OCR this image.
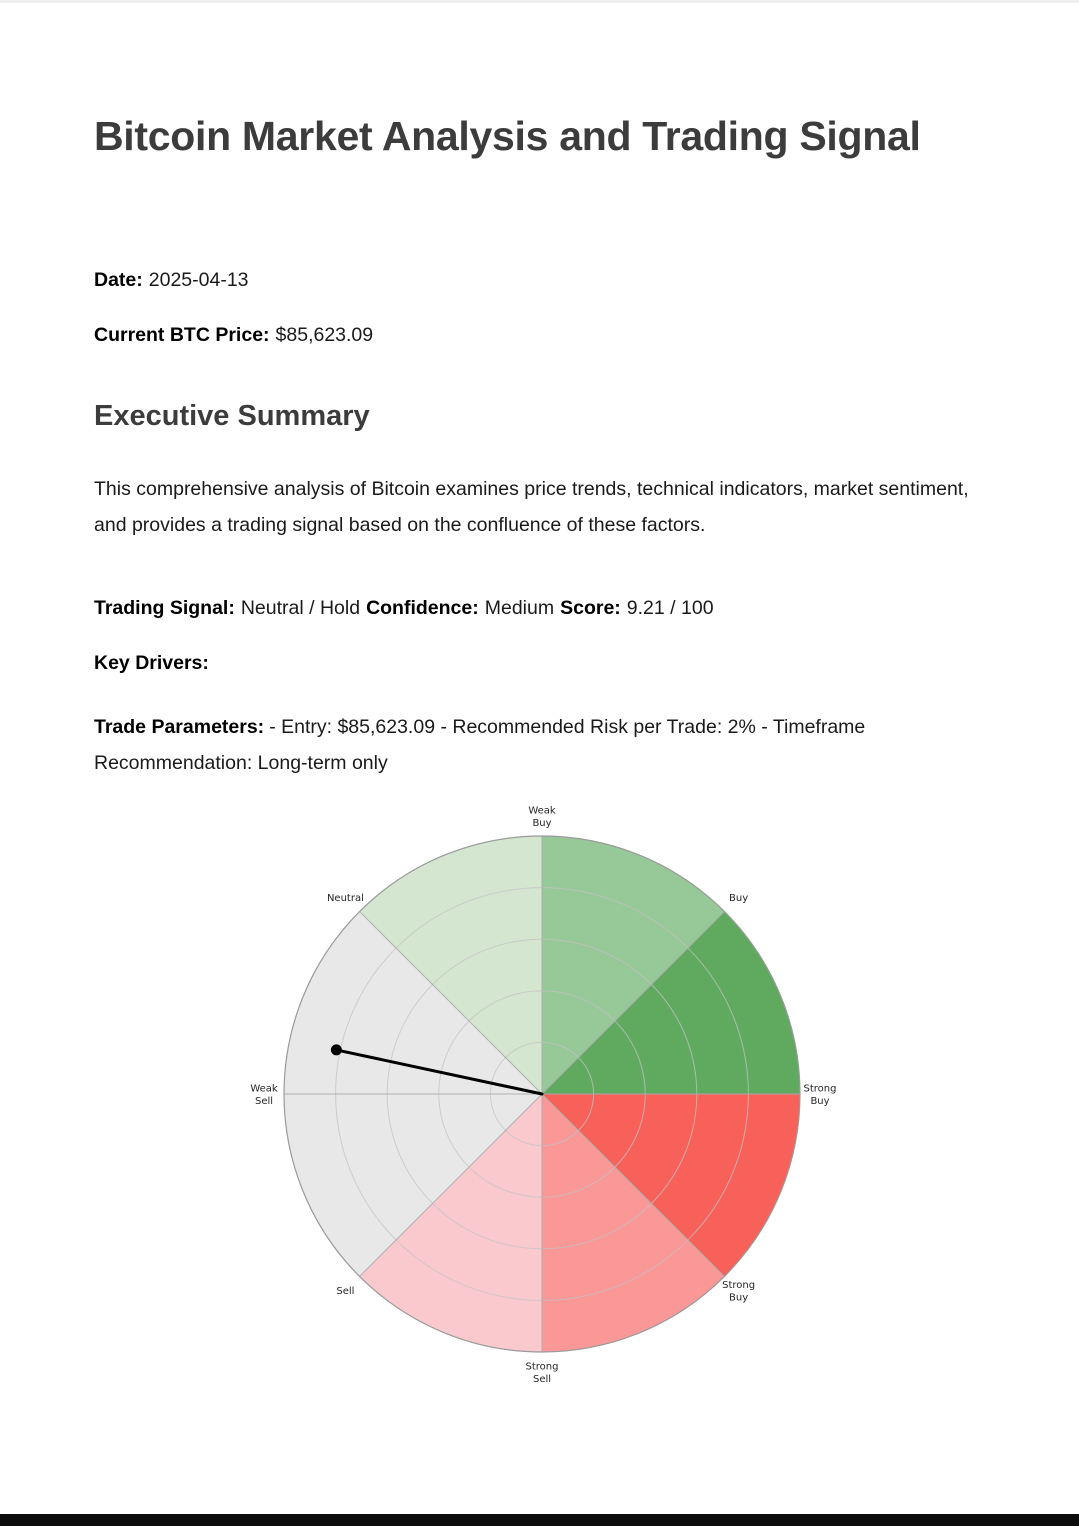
Bitcoin Market Analysis and Trading Signal

Date: 2025-04-13

Current BTC Price: $85,623.09

Executive Summary

This comprehensive analysis of Bitcoin examines price trends, technical indicators, market sentiment, and provides a trading signal based on the confluence of these factors.

Trading Signal: Neutral / Hold Confidence: Medium Score: 9.21 / 100

Key Drivers:

Trade Parameters: - Entry: $85,623.09 - Recommended Risk per Trade: 2% - Timeframe Recommendation: Long-term only

Weak Buy
Buy
Strong Buy
Strong Buy
Strong Sell
Sell
Weak Sell
Neutral
